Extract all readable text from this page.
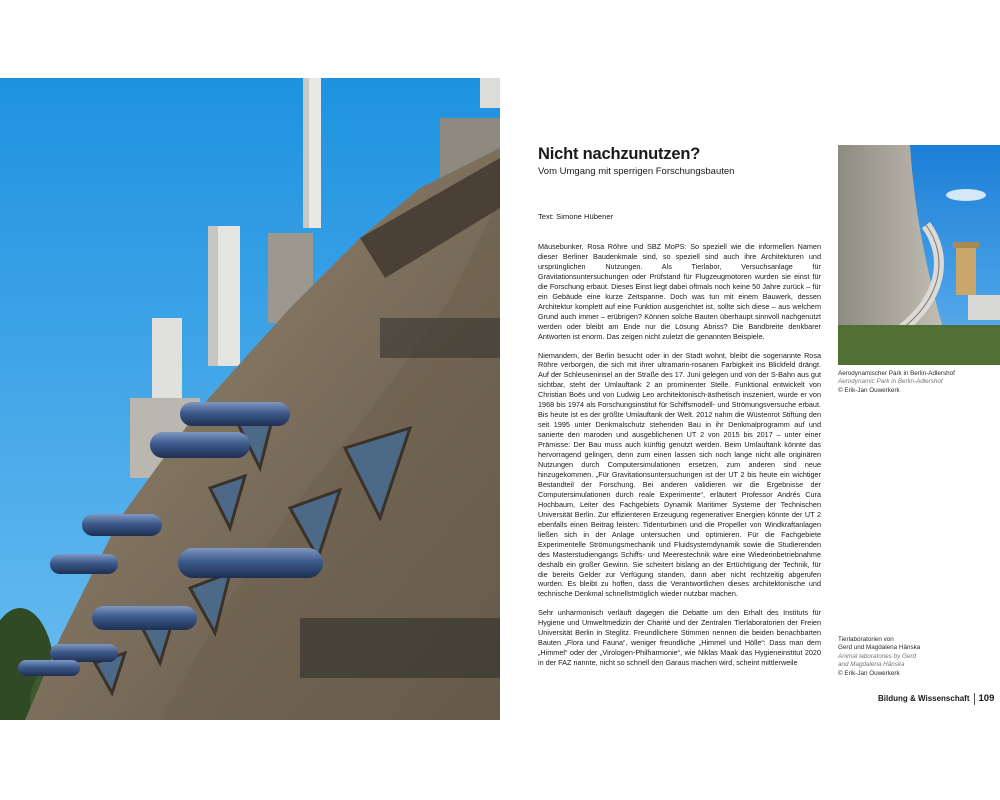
Nicht nachzunutzen?
Vom Umgang mit sperrigen Forschungsbauten
Text: Simone Hübener

Mäusebunker, Rosa Röhre und SBZ MoPS: So speziell wie die informellen Namen dieser Berliner Baudenkmale sind, so speziell sind auch ihre Architekturen und ursprünglichen Nutzungen. Als Tierlabor, Versuchsanlage für Gravitationsuntersuchungen oder Prüfstand für Flugzeugmotoren wurden sie einst für die Forschung erbaut. Dieses Einst liegt dabei oftmals noch keine 50 Jahre zurück – für ein Gebäude eine kurze Zeitspanne. Doch was tun mit einem Bauwerk, dessen Architektur komplett auf eine Funktion ausgerichtet ist, sollte sich diese – aus welchem Grund auch immer – erübrigen? Können solche Bauten überhaupt sinnvoll nachgenutzt werden oder bleibt am Ende nur die Lösung Abriss? Die Bandbreite denkbarer Antworten ist enorm. Das zeigen nicht zuletzt die genannten Beispiele.

Niemandem, der Berlin besucht oder in der Stadt wohnt, bleibt die sogenannte Rosa Röhre verborgen, die sich mit ihrer ultramarin-rosanen Farbigkeit ins Blickfeld drängt. Auf der Schleuseninsel an der Straße des 17. Juni gelegen und von der S-Bahn aus gut sichtbar, steht der Umlauftank 2 an prominenter Stelle. Funktional entwickelt von Christian Boës und von Ludwig Leo architektonisch-ästhetisch inszeniert, wurde er von 1968 bis 1974 als Forschungsinstitut für Schiffsmodell- und Strömungsversuche erbaut. Bis heute ist es der größte Umlauftank der Welt. 2012 nahm die Wüstenrot Stiftung den seit 1995 unter Denkmalschutz stehenden Bau in ihr Denkmalprogramm auf und sanierte den maroden und ausgeblichenen UT 2 von 2015 bis 2017 – unter einer Prämisse: Der Bau muss auch künftig genutzt werden. Beim Umlauftank könnte das hervorragend gelingen, denn zum einen lassen sich noch lange nicht alle originären Nutzungen durch Computersimulationen ersetzen, zum anderen sind neue hinzugekommen. „Für Gravitationsuntersuchungen ist der UT 2 bis heute ein wichtiger Bestandteil der Forschung. Bei anderen validieren wir die Ergebnisse der Computersimulationen durch reale Experimente“, erläutert Professor Andrés Cura Hochbaum, Leiter des Fachgebiets Dynamik Maritimer Systeme der Technischen Universität Berlin. Zur effizienteren Erzeugung regenerativer Energien könnte der UT 2 ebenfalls einen Beitrag leisten: Tidenturbinen und die Propeller von Windkraftanlagen ließen sich in der Anlage untersuchen und optimieren. Für die Fachgebiete Experimentelle Strömungsmechanik und Fluidsystemdynamik sowie die Studierenden des Masterstudiengangs Schiffs- und Meerestechnik wäre eine Wiederinbetriebnahme deshalb ein großer Gewinn. Sie scheitert bislang an der Ertüchtigung der Technik, für die bereits Gelder zur Verfügung standen, dann aber nicht rechtzeitig abgerufen wurden. Es bleibt zu hoffen, dass die Verantwortlichen dieses architektonische und technische Denkmal schnellstmöglich wieder nutzbar machen.

Sehr unharmonisch verläuft dagegen die Debatte um den Erhalt des Instituts für Hygiene und Umweltmedizin der Charité und der Zentralen Tierlaboratorien der Freien Universität Berlin in Steglitz. Freundlichere Stimmen nennen die beiden benachbarten Bauten „Flora und Fauna“, weniger freundliche „Himmel und Hölle“: Dass man dem „Himmel“ oder der „Virologen-Philharmonie“, wie Niklas Maak das Hygieneinstitut 2020 in der FAZ nannte, nicht so schnell den Garaus machen wird, scheint mittlerweile

Aerodynamischer Park in Berlin-Adlershof
Aerodynamic Park in Berlin-Adlershof
© Erik-Jan Ouwerkerk
Tierlaboratorien von
Gerd und Magdalena Hänska
Animal laboratories by Gerd
and Magdalena Hänska
© Erik-Jan Ouwerkerk
Bildung & Wissenschaft 109
